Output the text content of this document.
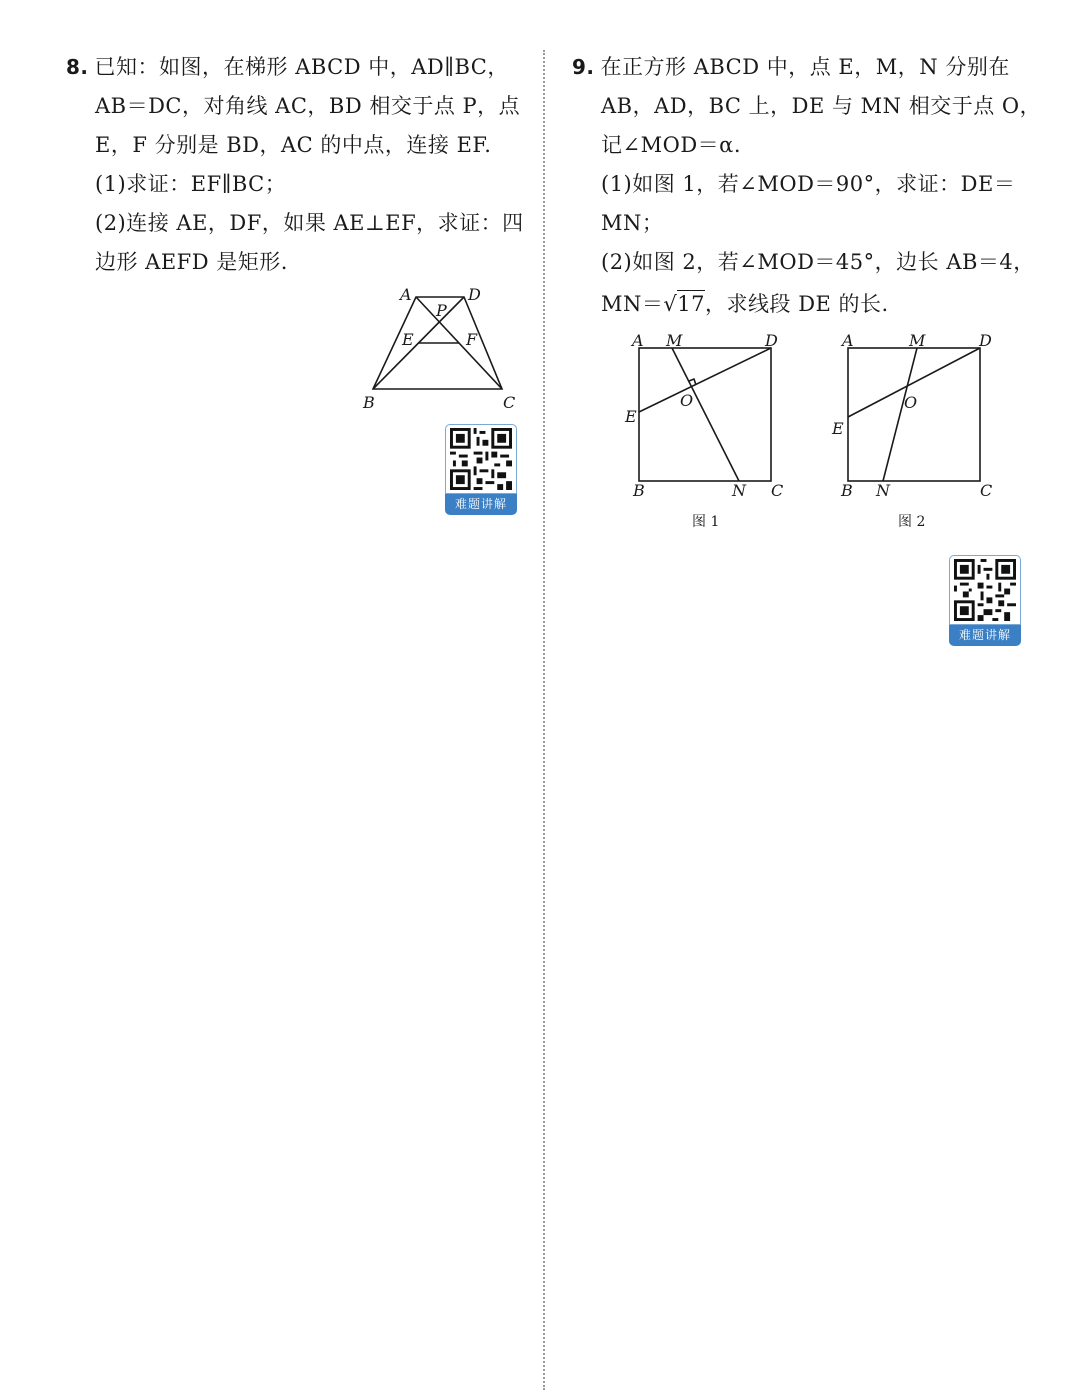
8. 已知：如图，在梯形 ABCD 中，AD∥BC，
AB＝DC，对角线 AC，BD 相交于点 P，点
E，F 分别是 BD，AC 的中点，连接 EF.
(1)求证：EF∥BC；
(2)连接 AE，DF，如果 AE⊥EF，求证：四
边形 AEFD 是矩形.
A	D
P
E	F
B	C
难题讲解
9. 在正方形 ABCD 中，点 E，M，N 分别在
AB，AD，BC 上，DE 与 MN 相交于点 O，
记∠MOD＝α.
(1)如图 1，若∠MOD＝90°，求证：DE＝
MN；
(2)如图 2，若∠MOD＝45°，边长 AB＝4，
MN＝√17，求线段 DE 的长.
A M	D
O
E
B	N C
图 1
A	M	D
O
E
B N	C
图 2
难题讲解
